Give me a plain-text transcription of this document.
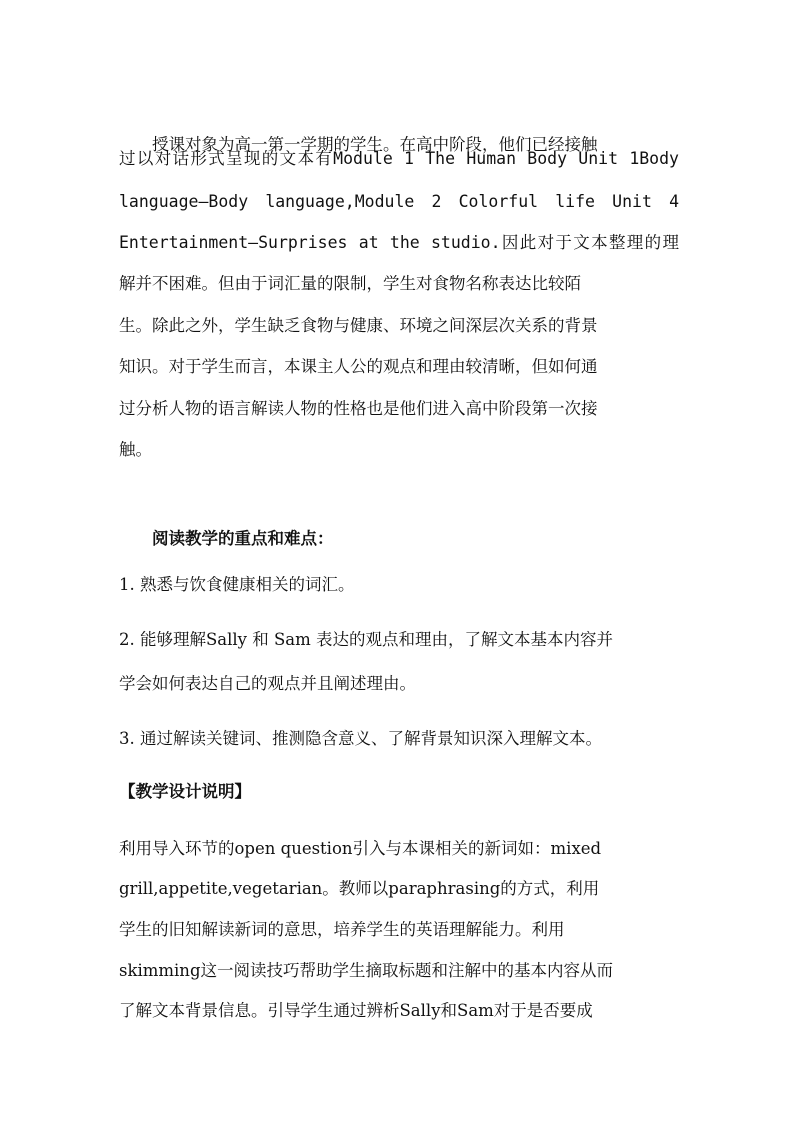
授课对象为高一第一学期的学生。在高中阶段，他们已经接触
过以对话形式呈现的文本有Module 1 The Human Body Unit 1Body
language—Body language,Module 2 Colorful life Unit 4
Entertainment—Surprises at the studio.因此对于文本整理的理
解并不困难。但由于词汇量的限制，学生对食物名称表达比较陌
生。除此之外，学生缺乏食物与健康、环境之间深层次关系的背景
知识。对于学生而言，本课主人公的观点和理由较清晰，但如何通
过分析人物的语言解读人物的性格也是他们进入高中阶段第一次接
触。
阅读教学的重点和难点：
1. 熟悉与饮食健康相关的词汇。
2. 能够理解Sally 和 Sam 表达的观点和理由，了解文本基本内容并
学会如何表达自己的观点并且阐述理由。
3. 通过解读关键词、推测隐含意义、了解背景知识深入理解文本。
【教学设计说明】
利用导入环节的open question引入与本课相关的新词如：mixed
grill,appetite,vegetarian。教师以paraphrasing的方式，利用
学生的旧知解读新词的意思，培养学生的英语理解能力。利用
skimming这一阅读技巧帮助学生摘取标题和注解中的基本内容从而
了解文本背景信息。引导学生通过辨析Sally和Sam对于是否要成
